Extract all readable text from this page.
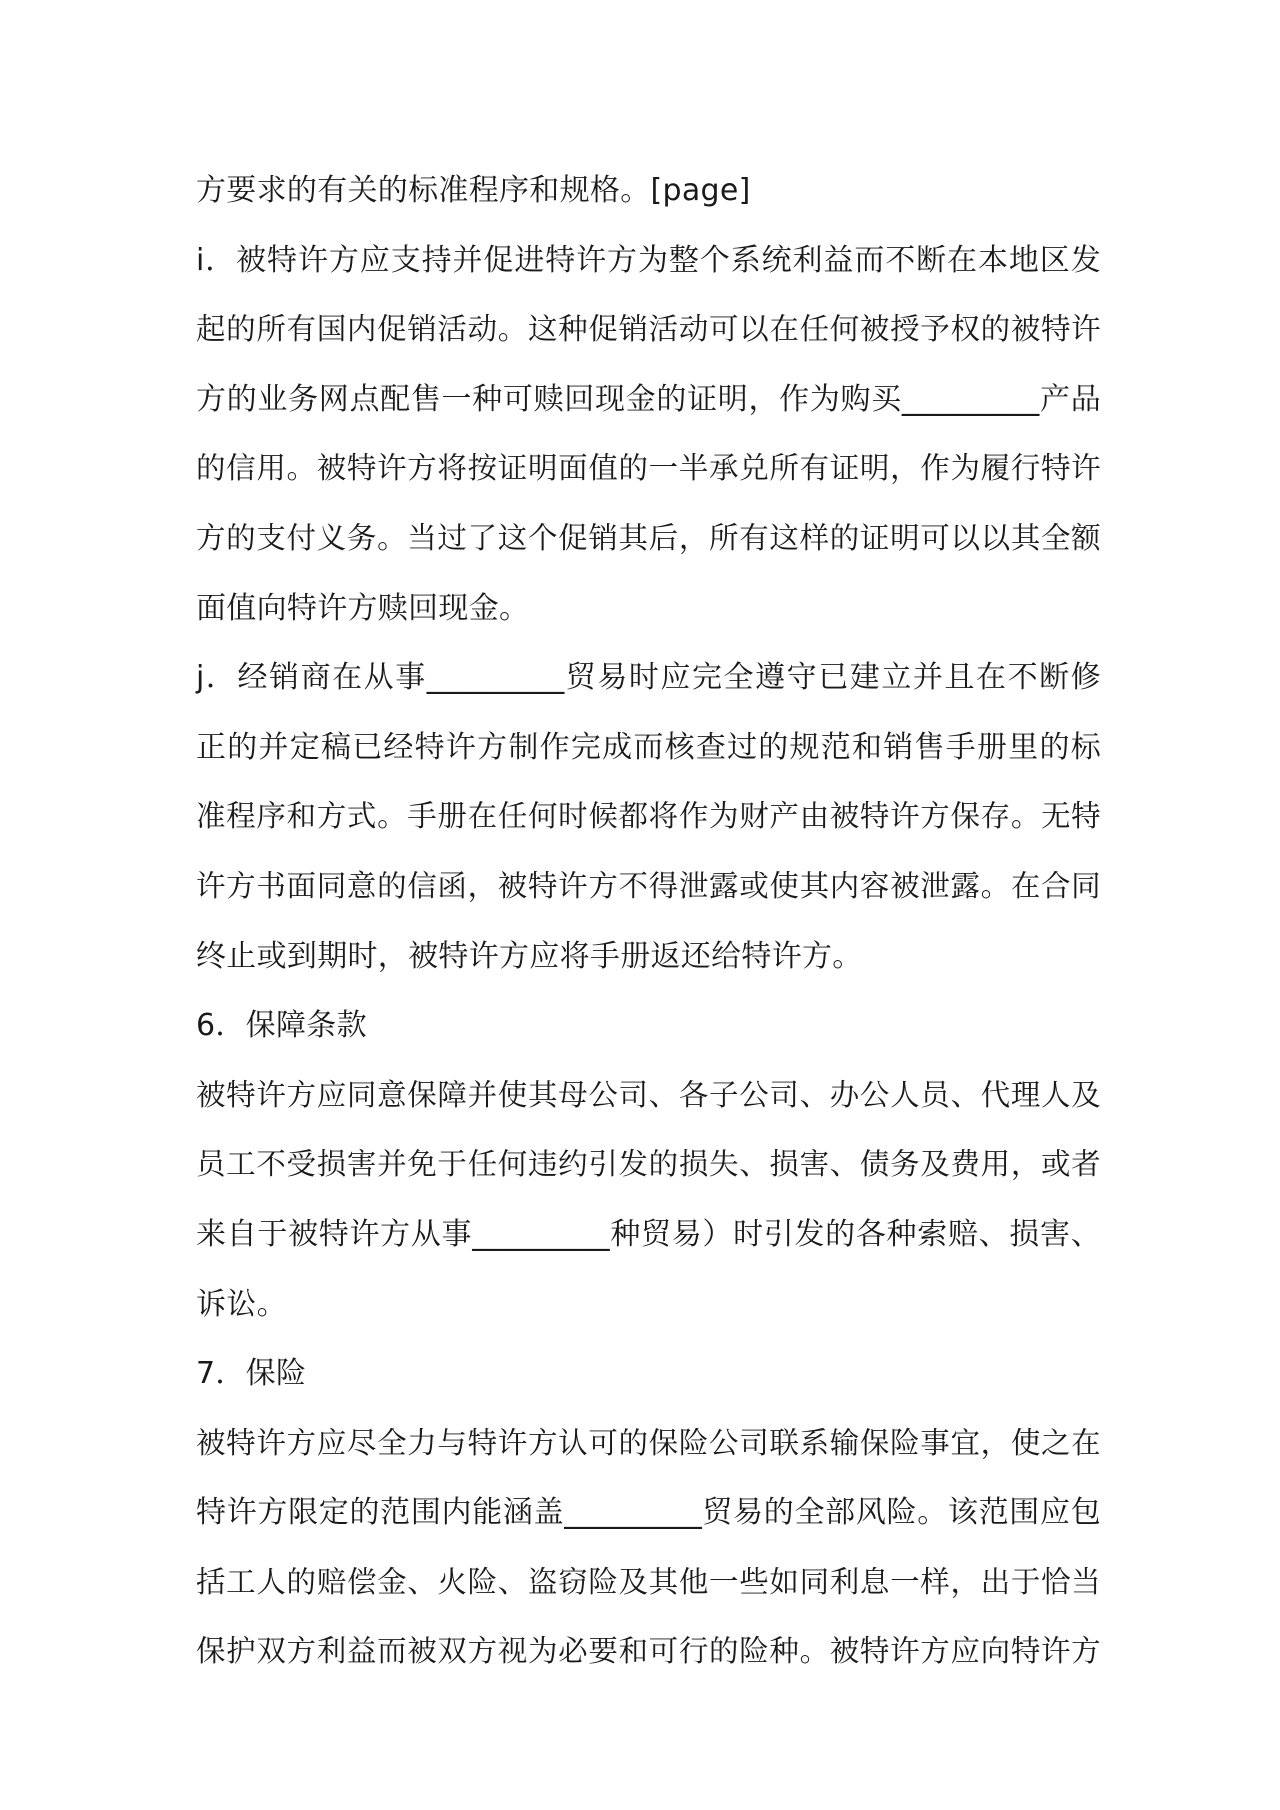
方要求的有关的标准程序和规格。[page]
i．被特许方应支持并促进特许方为整个系统利益而不断在本地区发
起的所有国内促销活动。这种促销活动可以在任何被授予权的被特许
方的业务网点配售一种可赎回现金的证明，作为购买_________产品
的信用。被特许方将按证明面值的一半承兑所有证明，作为履行特许
方的支付义务。当过了这个促销其后，所有这样的证明可以以其全额
面值向特许方赎回现金。
j．经销商在从事_________贸易时应完全遵守已建立并且在不断修
正的并定稿已经特许方制作完成而核查过的规范和销售手册里的标
准程序和方式。手册在任何时候都将作为财产由被特许方保存。无特
许方书面同意的信函，被特许方不得泄露或使其内容被泄露。在合同
终止或到期时，被特许方应将手册返还给特许方。
6．保障条款
被特许方应同意保障并使其母公司、各子公司、办公人员、代理人及
员工不受损害并免于任何违约引发的损失、损害、债务及费用，或者
来自于被特许方从事_________种贸易）时引发的各种索赔、损害、
诉讼。
7．保险
被特许方应尽全力与特许方认可的保险公司联系输保险事宜，使之在
特许方限定的范围内能涵盖_________贸易的全部风险。该范围应包
括工人的赔偿金、火险、盗窃险及其他一些如同利息一样，出于恰当
保护双方利益而被双方视为必要和可行的险种。被特许方应向特许方
